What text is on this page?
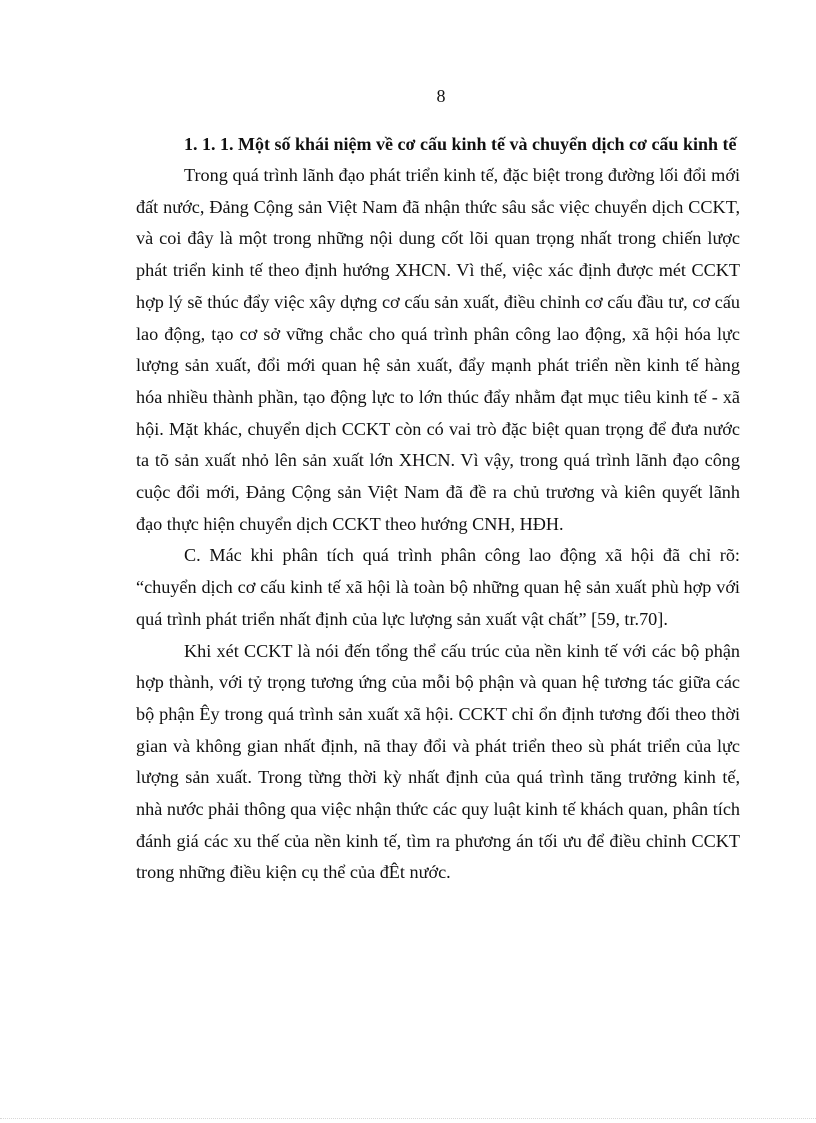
8

1. 1. 1. Một số khái niệm về cơ cấu kinh tế và chuyển dịch cơ cấu kinh tế

Trong quá trình lãnh đạo phát triển kinh tế, đặc biệt trong đường lối đổi mới đất nước, Đảng Cộng sản Việt Nam đã nhận thức sâu sắc việc chuyển dịch CCKT, và coi đây là một trong những nội dung cốt lõi quan trọng nhất trong chiến lược phát triển kinh tế theo định hướng XHCN. Vì thế, việc xác định được mét CCKT hợp lý sẽ thúc đẩy việc xây dựng cơ cấu sản xuất, điều chỉnh cơ cấu đầu tư, cơ cấu lao động, tạo cơ sở vững chắc cho quá trình phân công lao động, xã hội hóa lực lượng sản xuất, đổi mới quan hệ sản xuất, đẩy mạnh phát triển nền kinh tế hàng hóa nhiều thành phần, tạo động lực to lớn thúc đẩy nhằm đạt mục tiêu kinh tế - xã hội. Mặt khác, chuyển dịch CCKT còn có vai trò đặc biệt quan trọng để đưa nước ta tõ sản xuất nhỏ lên sản xuất lớn XHCN. Vì vậy, trong quá trình lãnh đạo công cuộc đổi mới, Đảng Cộng sản Việt Nam đã đề ra chủ trương và kiên quyết lãnh đạo thực hiện chuyển dịch CCKT theo hướng CNH, HĐH.

C. Mác khi phân tích quá trình phân công lao động xã hội đã chỉ rõ: “chuyển dịch cơ cấu kinh tế xã hội là toàn bộ những quan hệ sản xuất phù hợp với quá trình phát triển nhất định của lực lượng sản xuất vật chất” [59, tr.70].

Khi xét CCKT là nói đến tổng thể cấu trúc của nền kinh tế với các bộ phận hợp thành, với tỷ trọng tương ứng của mỗi bộ phận và quan hệ tương tác giữa các bộ phận Êy trong quá trình sản xuất xã hội. CCKT chỉ ổn định tương đối theo thời gian và không gian nhất định, nã thay đổi và phát triển theo sù phát triển của lực lượng sản xuất. Trong từng thời kỳ nhất định của quá trình tăng trưởng kinh tế, nhà nước phải thông qua việc nhận thức các quy luật kinh tế khách quan, phân tích đánh giá các xu thế của nền kinh tế, tìm ra phương án tối ưu để điều chỉnh CCKT trong những điều kiện cụ thể của đÊt nước.
